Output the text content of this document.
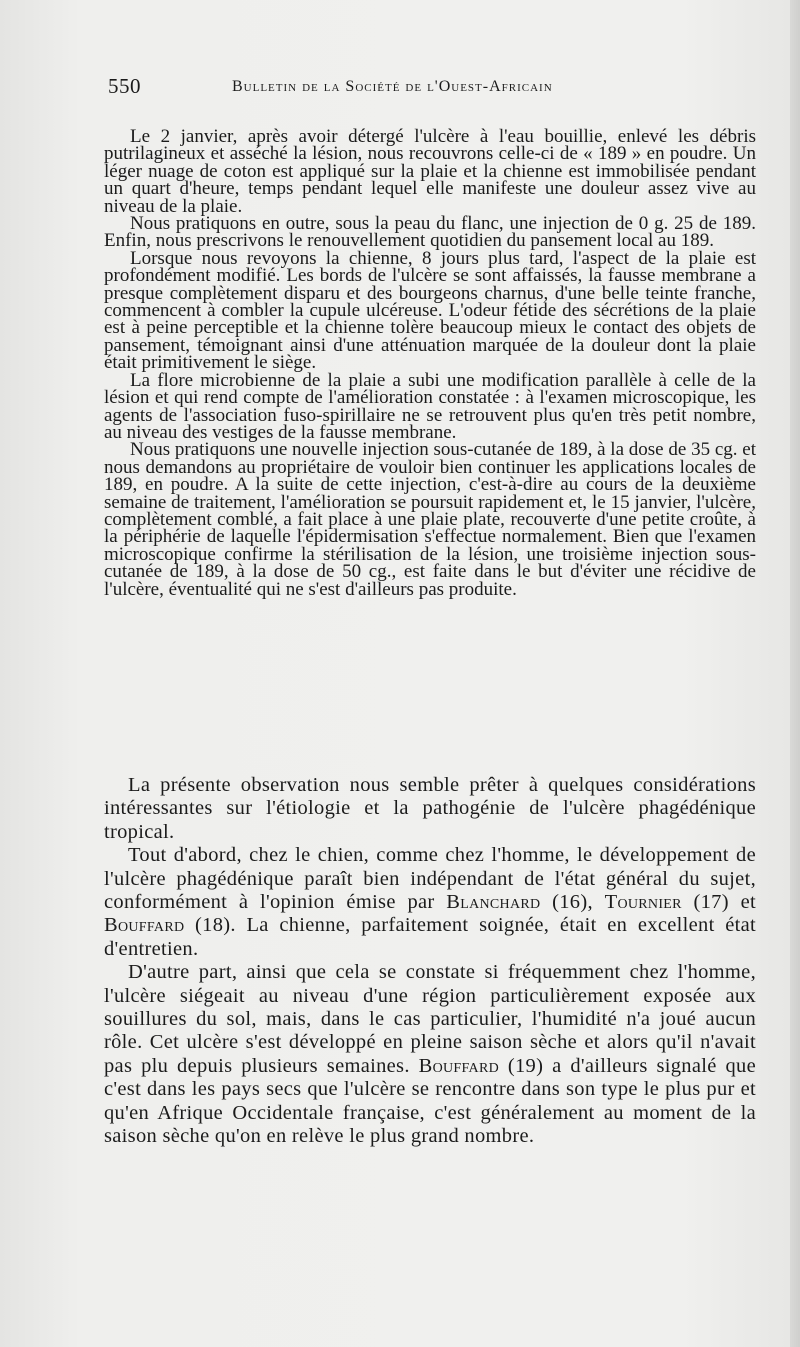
550	Bulletin de la Société de l'Ouest-Africain

Le 2 janvier, après avoir détergé l'ulcère à l'eau bouillie, enlevé les débris putrilagineux et asséché la lésion, nous recouvrons celle-ci de « 189 » en poudre. Un léger nuage de coton est appliqué sur la plaie et la chienne est immobilisée pendant un quart d'heure, temps pendant lequel elle manifeste une douleur assez vive au niveau de la plaie.

Nous pratiquons en outre, sous la peau du flanc, une injection de 0 g. 25 de 189. Enfin, nous prescrivons le renouvellement quotidien du pansement local au 189.

Lorsque nous revoyons la chienne, 8 jours plus tard, l'aspect de la plaie est profondément modifié. Les bords de l'ulcère se sont affaissés, la fausse membrane a presque complètement disparu et des bourgeons charnus, d'une belle teinte franche, commencent à combler la cupule ulcéreuse. L'odeur fétide des sécrétions de la plaie est à peine perceptible et la chienne tolère beaucoup mieux le contact des objets de pansement, témoignant ainsi d'une atténuation marquée de la douleur dont la plaie était primitivement le siège.

La flore microbienne de la plaie a subi une modification parallèle à celle de la lésion et qui rend compte de l'amélioration constatée : à l'examen microscopique, les agents de l'association fuso-spirillaire ne se retrouvent plus qu'en très petit nombre, au niveau des vestiges de la fausse membrane.

Nous pratiquons une nouvelle injection sous-cutanée de 189, à la dose de 35 cg. et nous demandons au propriétaire de vouloir bien continuer les applications locales de 189, en poudre. A la suite de cette injection, c'est-à-dire au cours de la deuxième semaine de traitement, l'amélioration se poursuit rapidement et, le 15 janvier, l'ulcère, complètement comblé, a fait place à une plaie plate, recouverte d'une petite croûte, à la périphérie de laquelle l'épidermisation s'effectue normalement. Bien que l'examen microscopique confirme la stérilisation de la lésion, une troisième injection sous-cutanée de 189, à la dose de 50 cg., est faite dans le but d'éviter une récidive de l'ulcère, éventualité qui ne s'est d'ailleurs pas produite.

La présente observation nous semble prêter à quelques considérations intéressantes sur l'étiologie et la pathogénie de l'ulcère phagédénique tropical.

Tout d'abord, chez le chien, comme chez l'homme, le développement de l'ulcère phagédénique paraît bien indépendant de l'état général du sujet, conformément à l'opinion émise par Blanchard (16), Tournier (17) et Bouffard (18). La chienne, parfaitement soignée, était en excellent état d'entretien.

D'autre part, ainsi que cela se constate si fréquemment chez l'homme, l'ulcère siégeait au niveau d'une région particulièrement exposée aux souillures du sol, mais, dans le cas particulier, l'humidité n'a joué aucun rôle. Cet ulcère s'est développé en pleine saison sèche et alors qu'il n'avait pas plu depuis plusieurs semaines. Bouffard (19) a d'ailleurs signalé que c'est dans les pays secs que l'ulcère se rencontre dans son type le plus pur et qu'en Afrique Occidentale française, c'est généralement au moment de la saison sèche qu'on en relève le plus grand nombre.
